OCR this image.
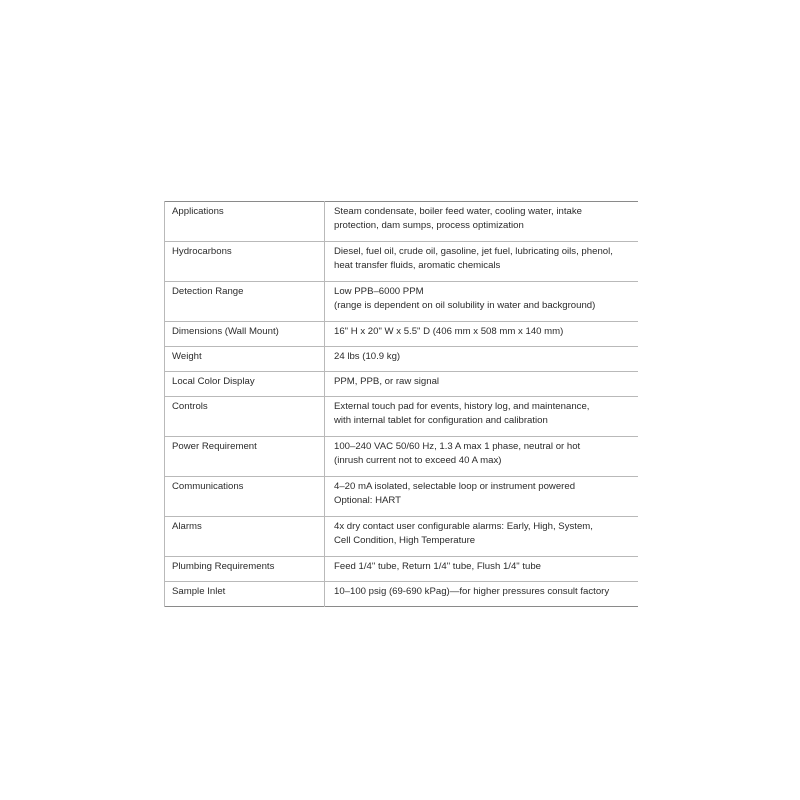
Applications	Steam condensate, boiler feed water, cooling water, intake
protection, dam sumps, process optimization

Hydrocarbons	Diesel, fuel oil, crude oil, gasoline, jet fuel, lubricating oils, phenol,
heat transfer fluids, aromatic chemicals

Detection Range	Low PPB–6000 PPM
(range is dependent on oil solubility in water and background)

Dimensions (Wall Mount)	16" H x 20" W x 5.5" D (406 mm x 508 mm x 140 mm)

Weight	24 lbs (10.9 kg)

Local Color Display	PPM, PPB, or raw signal

Controls	External touch pad for events, history log, and maintenance,
with internal tablet for configuration and calibration

Power Requirement	100–240 VAC 50/60 Hz, 1.3 A max 1 phase, neutral or hot
(inrush current not to exceed 40 A max)

Communications	4–20 mA isolated, selectable loop or instrument powered
Optional: HART

Alarms	4x dry contact user configurable alarms: Early, High, System,
Cell Condition, High Temperature

Plumbing Requirements	Feed 1/4" tube, Return 1/4" tube, Flush 1/4" tube

Sample Inlet	10–100 psig (69-690 kPag)—for higher pressures consult factory
